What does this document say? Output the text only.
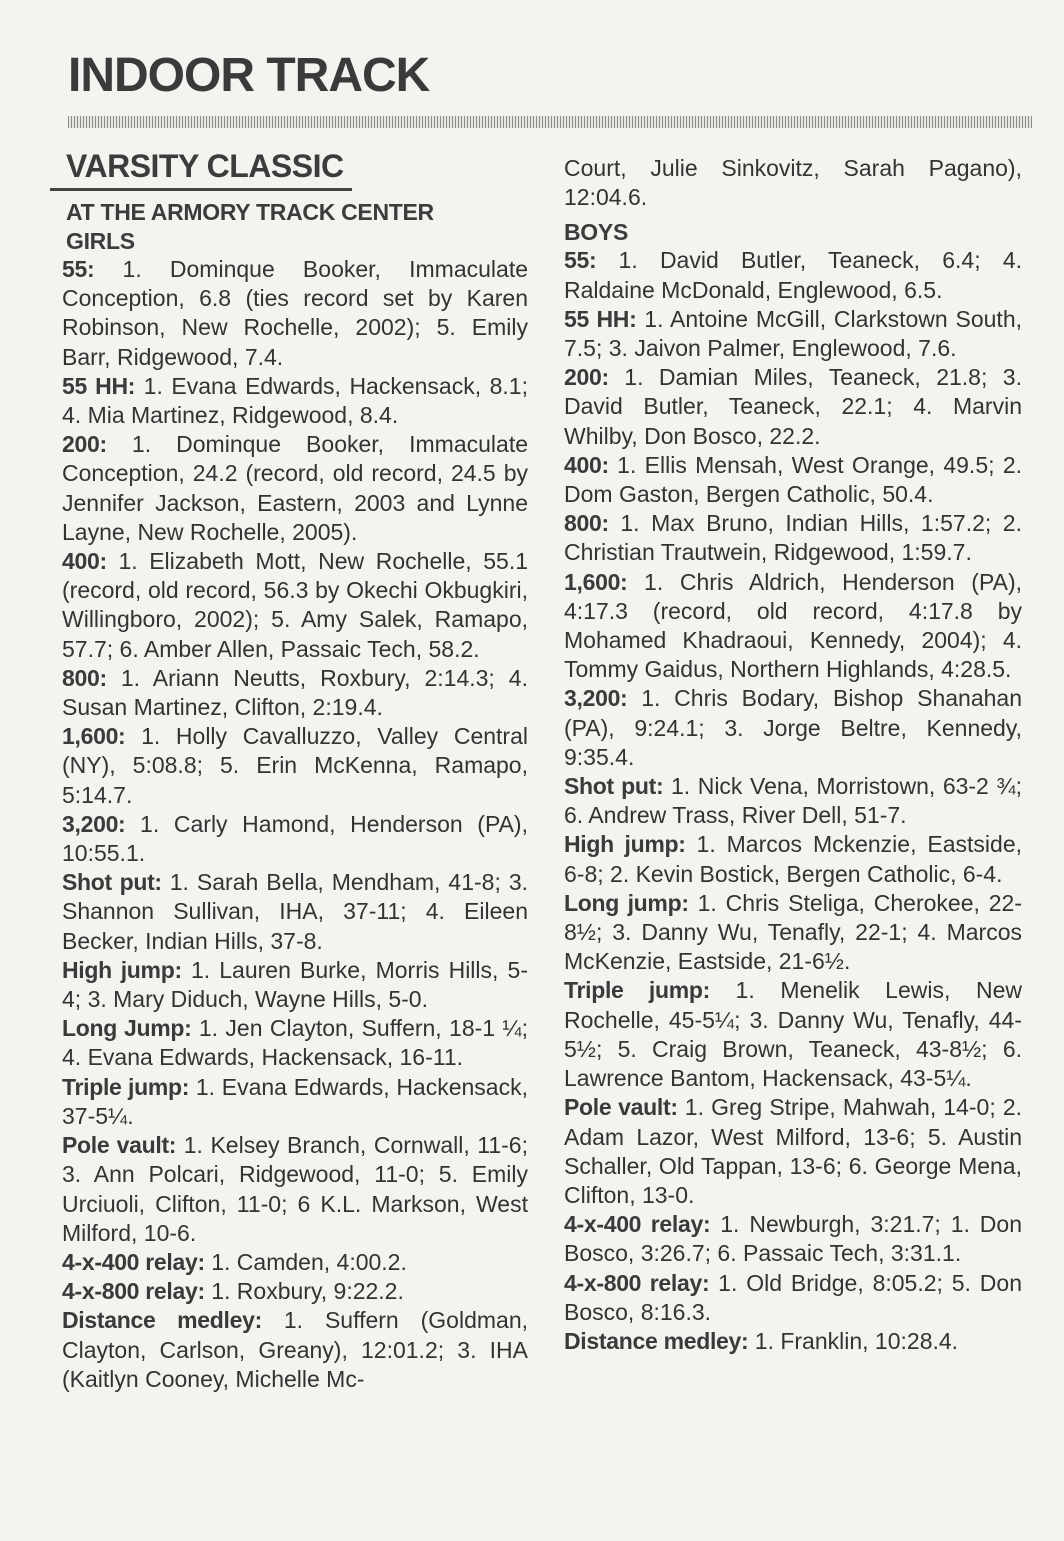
INDOOR TRACK
VARSITY CLASSIC
AT THE ARMORY TRACK CENTER
GIRLS

55: 1. Dominque Booker, Immaculate Conception, 6.8 (ties record set by Karen Robinson, New Rochelle, 2002); 5. Emily Barr, Ridgewood, 7.4.

55 HH: 1. Evana Edwards, Hackensack, 8.1; 4. Mia Martinez, Ridgewood, 8.4.

200: 1. Dominque Booker, Immaculate Conception, 24.2 (record, old record, 24.5 by Jennifer Jackson, Eastern, 2003 and Lynne Layne, New Rochelle, 2005).

400: 1. Elizabeth Mott, New Rochelle, 55.1 (record, old record, 56.3 by Okechi Okbugkiri, Willingboro, 2002); 5. Amy Salek, Ramapo, 57.7; 6. Amber Allen, Passaic Tech, 58.2.

800: 1. Ariann Neutts, Roxbury, 2:14.3; 4. Susan Martinez, Clifton, 2:19.4.

1,600: 1. Holly Cavalluzzo, Valley Central (NY), 5:08.8; 5. Erin McKenna, Ramapo, 5:14.7.

3,200: 1. Carly Hamond, Henderson (PA), 10:55.1.

Shot put: 1. Sarah Bella, Mendham, 41-8; 3. Shannon Sullivan, IHA, 37-11; 4. Eileen Becker, Indian Hills, 37-8.

High jump: 1. Lauren Burke, Morris Hills, 5-4; 3. Mary Diduch, Wayne Hills, 5-0.

Long Jump: 1. Jen Clayton, Suffern, 18-1 ¼; 4. Evana Edwards, Hackensack, 16-11.

Triple jump: 1. Evana Edwards, Hackensack, 37-5¼.

Pole vault: 1. Kelsey Branch, Cornwall, 11-6; 3. Ann Polcari, Ridgewood, 11-0; 5. Emily Urciuoli, Clifton, 11-0; 6 K.L. Markson, West Milford, 10-6.

4-x-400 relay: 1. Camden, 4:00.2.

4-x-800 relay: 1. Roxbury, 9:22.2.

Distance medley: 1. Suffern (Goldman, Clayton, Carlson, Greany), 12:01.2; 3. IHA (Kaitlyn Cooney, Michelle Mc-

Court, Julie Sinkovitz, Sarah Pagano), 12:04.6.

BOYS

55: 1. David Butler, Teaneck, 6.4; 4. Raldaine McDonald, Englewood, 6.5.

55 HH: 1. Antoine McGill, Clarkstown South, 7.5; 3. Jaivon Palmer, Englewood, 7.6.

200: 1. Damian Miles, Teaneck, 21.8; 3. David Butler, Teaneck, 22.1; 4. Marvin Whilby, Don Bosco, 22.2.

400: 1. Ellis Mensah, West Orange, 49.5; 2. Dom Gaston, Bergen Catholic, 50.4.

800: 1. Max Bruno, Indian Hills, 1:57.2; 2. Christian Trautwein, Ridgewood, 1:59.7.

1,600: 1. Chris Aldrich, Henderson (PA), 4:17.3 (record, old record, 4:17.8 by Mohamed Khadraoui, Kennedy, 2004); 4. Tommy Gaidus, Northern Highlands, 4:28.5.

3,200: 1. Chris Bodary, Bishop Shanahan (PA), 9:24.1; 3. Jorge Beltre, Kennedy, 9:35.4.

Shot put: 1. Nick Vena, Morristown, 63-2 ¾; 6. Andrew Trass, River Dell, 51-7.

High jump: 1. Marcos Mckenzie, Eastside, 6-8; 2. Kevin Bostick, Bergen Catholic, 6-4.

Long jump: 1. Chris Steliga, Cherokee, 22-8½; 3. Danny Wu, Tenafly, 22-1; 4. Marcos McKenzie, Eastside, 21-6½.

Triple jump: 1. Menelik Lewis, New Rochelle, 45-5¼; 3. Danny Wu, Tenafly, 44-5½; 5. Craig Brown, Teaneck, 43-8½; 6. Lawrence Bantom, Hackensack, 43-5¼.

Pole vault: 1. Greg Stripe, Mahwah, 14-0; 2. Adam Lazor, West Milford, 13-6; 5. Austin Schaller, Old Tappan, 13-6; 6. George Mena, Clifton, 13-0.

4-x-400 relay: 1. Newburgh, 3:21.7; 1. Don Bosco, 3:26.7; 6. Passaic Tech, 3:31.1.

4-x-800 relay: 1. Old Bridge, 8:05.2; 5. Don Bosco, 8:16.3.

Distance medley: 1. Franklin, 10:28.4.
